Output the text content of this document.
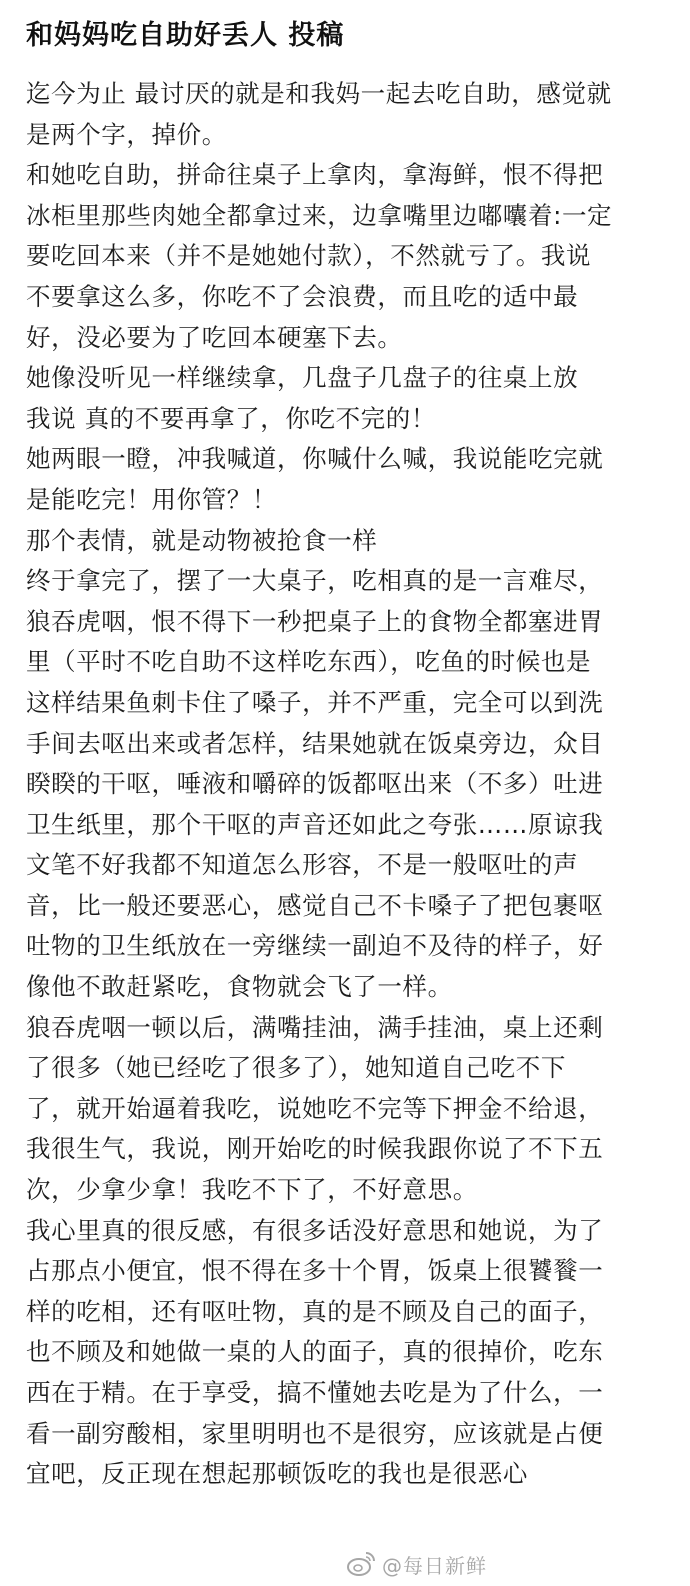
和妈妈吃自助好丢人 投稿
迄今为止 最讨厌的就是和我妈一起去吃自助，感觉就
是两个字，掉价。
和她吃自助，拼命往桌子上拿肉，拿海鲜，恨不得把
冰柜里那些肉她全都拿过来，边拿嘴里边嘟囔着:一定
要吃回本来（并不是她她付款），不然就亏了。我说
不要拿这么多，你吃不了会浪费，而且吃的适中最
好，没必要为了吃回本硬塞下去。
她像没听见一样继续拿，几盘子几盘子的往桌上放
我说 真的不要再拿了，你吃不完的！
她两眼一瞪，冲我喊道，你喊什么喊，我说能吃完就
是能吃完！用你管？！
那个表情，就是动物被抢食一样
终于拿完了，摆了一大桌子，吃相真的是一言难尽，
狼吞虎咽，恨不得下一秒把桌子上的食物全都塞进胃
里（平时不吃自助不这样吃东西），吃鱼的时候也是
这样结果鱼刺卡住了嗓子，并不严重，完全可以到洗
手间去呕出来或者怎样，结果她就在饭桌旁边，众目
睽睽的干呕，唾液和嚼碎的饭都呕出来（不多）吐进
卫生纸里，那个干呕的声音还如此之夸张……原谅我
文笔不好我都不知道怎么形容，不是一般呕吐的声
音，比一般还要恶心，感觉自己不卡嗓子了把包裹呕
吐物的卫生纸放在一旁继续一副迫不及待的样子，好
像他不敢赶紧吃，食物就会飞了一样。
狼吞虎咽一顿以后，满嘴挂油，满手挂油，桌上还剩
了很多（她已经吃了很多了），她知道自己吃不下
了，就开始逼着我吃，说她吃不完等下押金不给退，
我很生气，我说，刚开始吃的时候我跟你说了不下五
次，少拿少拿！我吃不下了，不好意思。
我心里真的很反感，有很多话没好意思和她说，为了
占那点小便宜，恨不得在多十个胃，饭桌上很饕餮一
样的吃相，还有呕吐物，真的是不顾及自己的面子，
也不顾及和她做一桌的人的面子，真的很掉价，吃东
西在于精。在于享受，搞不懂她去吃是为了什么，一
看一副穷酸相，家里明明也不是很穷，应该就是占便
宜吧，反正现在想起那顿饭吃的我也是很恶心
@每日新鲜
